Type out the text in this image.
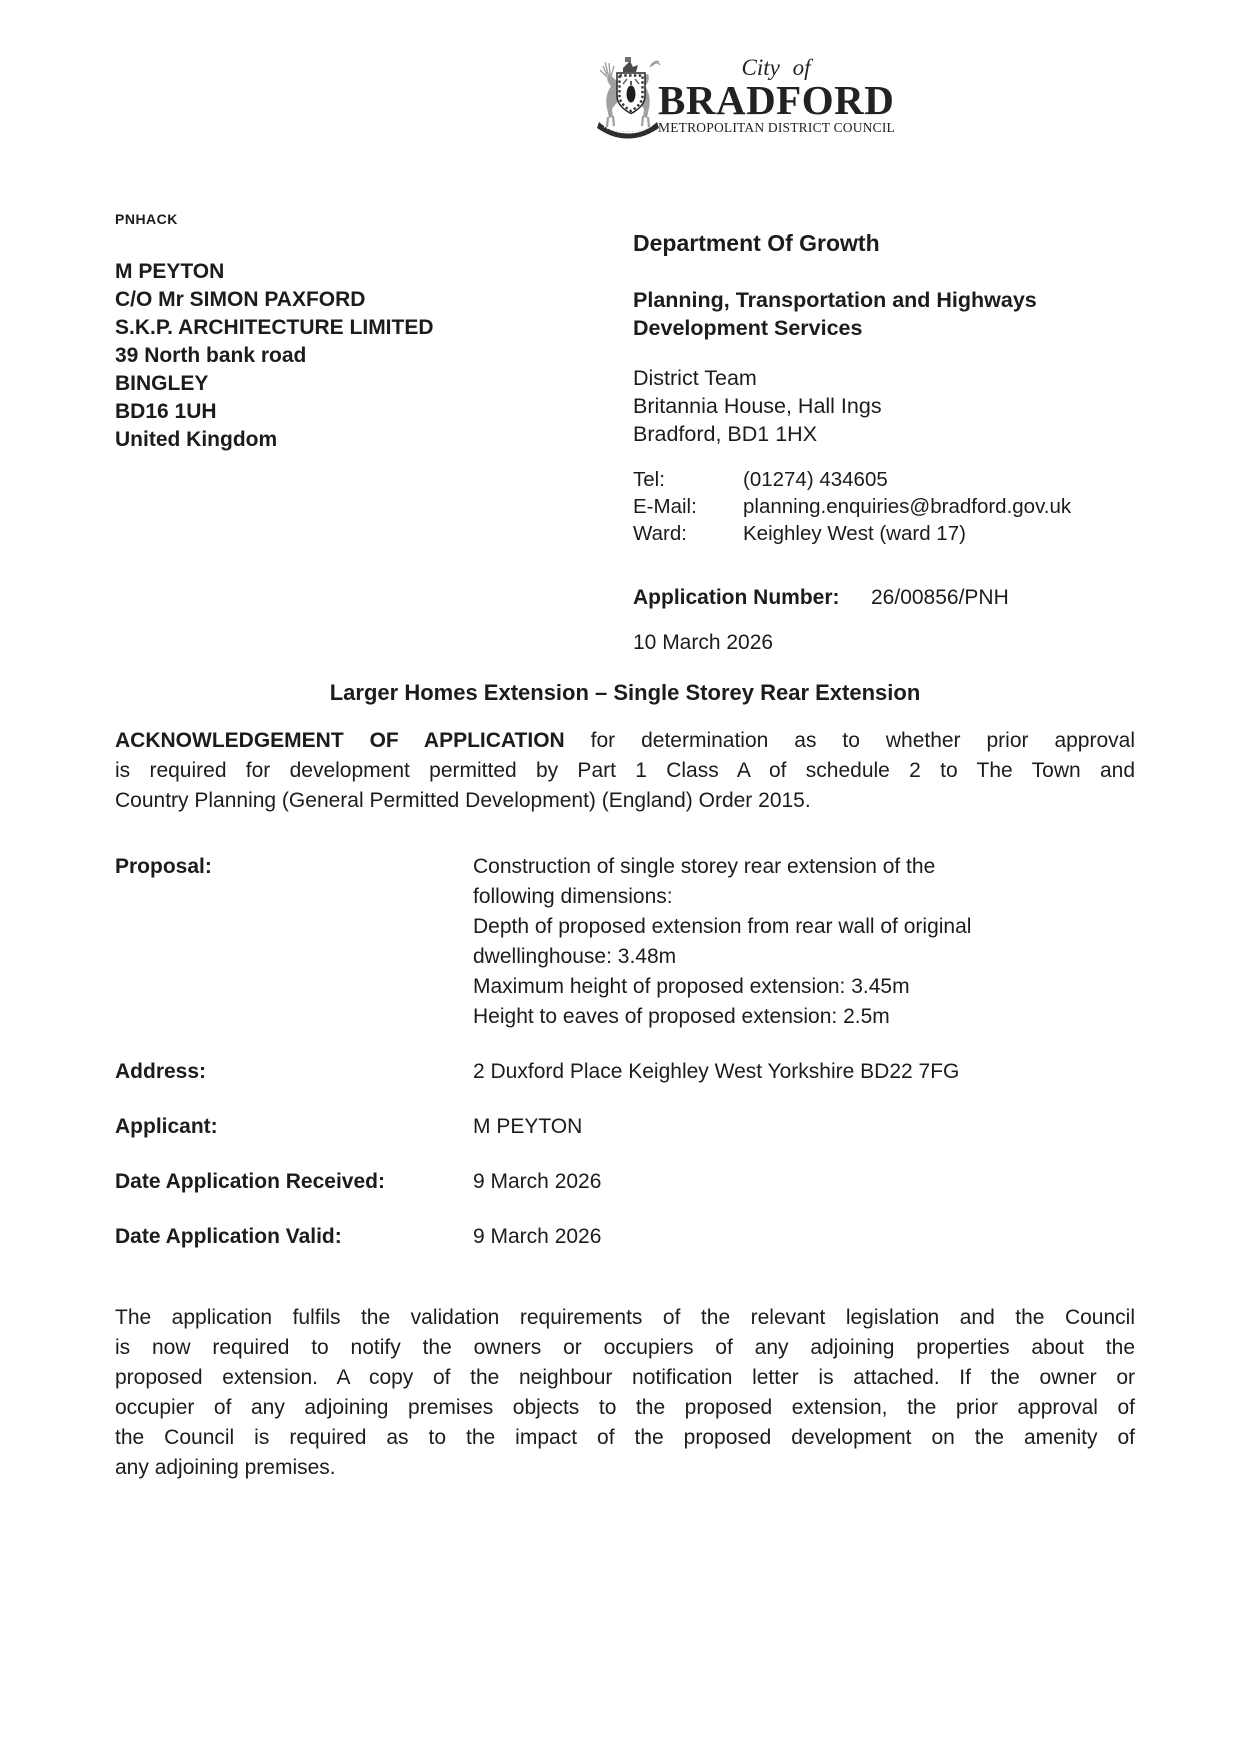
City of
BRADFORD
METROPOLITAN DISTRICT COUNCIL
PNHACK
M PEYTON
C/O Mr SIMON PAXFORD
S.K.P. ARCHITECTURE LIMITED
39 North bank road
BINGLEY
BD16 1UH
United Kingdom
Department Of Growth
Planning, Transportation and Highways
Development Services
District Team
Britannia House, Hall Ings
Bradford, BD1 1HX
Tel:	(01274) 434605
E-Mail:	planning.enquiries@bradford.gov.uk
Ward:	Keighley West (ward 17)
Application Number:	26/00856/PNH
10 March 2026
Larger Homes Extension – Single Storey Rear Extension
ACKNOWLEDGEMENT OF APPLICATION for determination as to whether prior approval
is required for development permitted by Part 1 Class A of schedule 2 to The Town and
Country Planning (General Permitted Development) (England) Order 2015.
Proposal:	Construction of single storey rear extension of the
following dimensions:
Depth of proposed extension from rear wall of original
dwellinghouse: 3.48m
Maximum height of proposed extension: 3.45m
Height to eaves of proposed extension: 2.5m
Address:	2 Duxford Place Keighley West Yorkshire BD22 7FG
Applicant:	M PEYTON
Date Application Received:	9 March 2026
Date Application Valid:	9 March 2026
The application fulfils the validation requirements of the relevant legislation and the Council
is now required to notify the owners or occupiers of any adjoining properties about the
proposed extension. A copy of the neighbour notification letter is attached. If the owner or
occupier of any adjoining premises objects to the proposed extension, the prior approval of
the Council is required as to the impact of the proposed development on the amenity of
any adjoining premises.
